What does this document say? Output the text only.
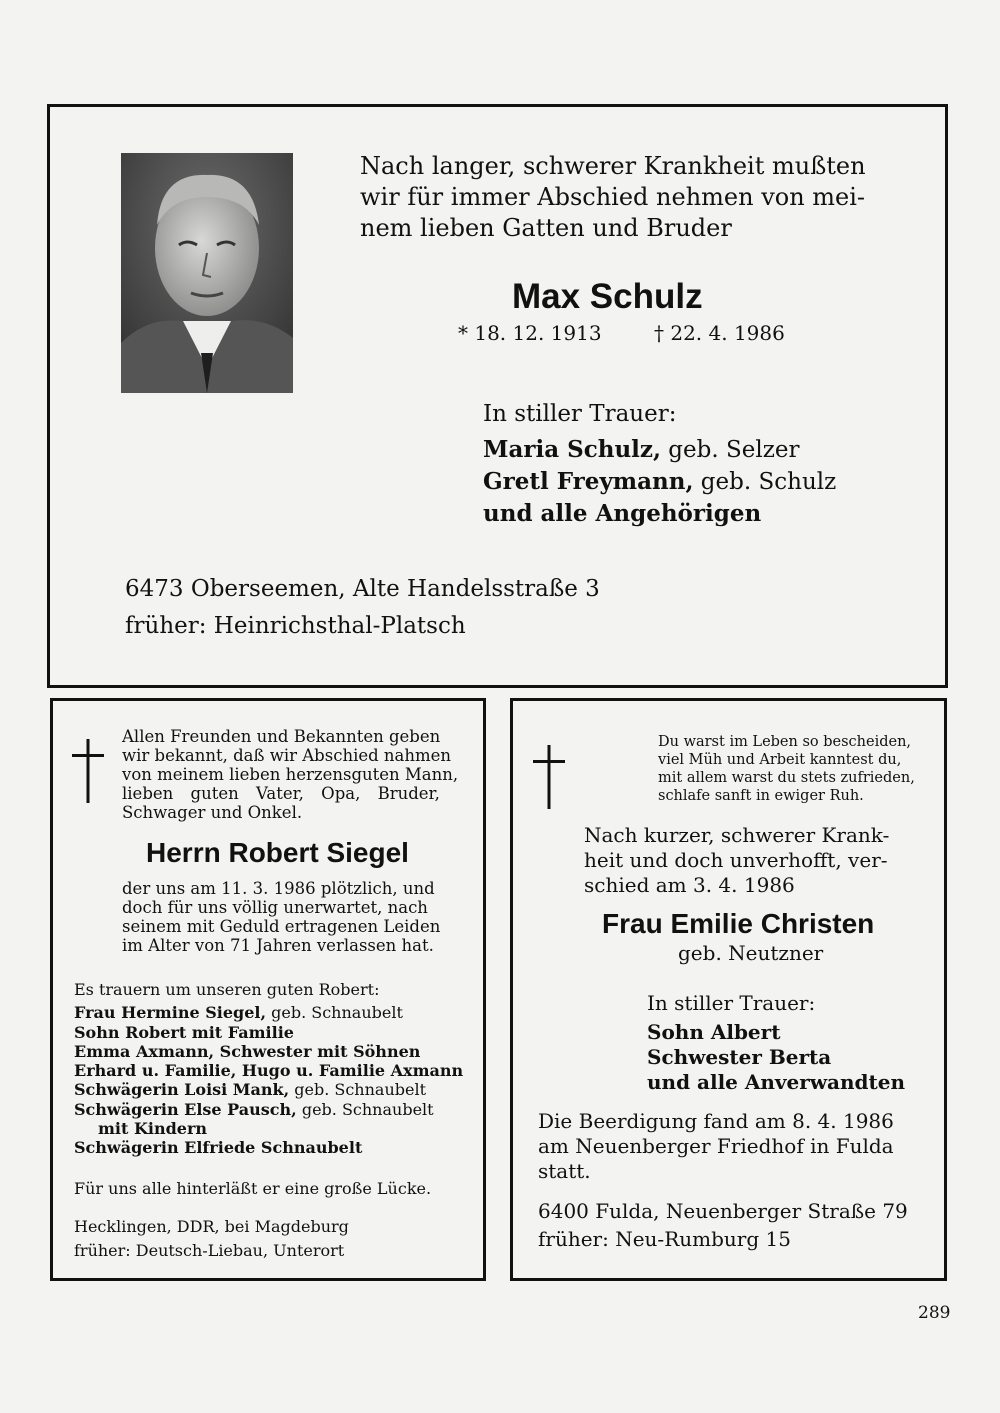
Nach langer, schwerer Krankheit mußten
wir für immer Abschied nehmen von mei-
nem lieben Gatten und Bruder
Max Schulz
* 18. 12. 1913	† 22. 4. 1986
In stiller Trauer:
Maria Schulz, geb. Selzer
Gretl Freymann, geb. Schulz
und alle Angehörigen
6473 Oberseemen, Alte Handelsstraße 3
früher: Heinrichsthal-Platsch
Allen Freunden und Bekannten geben
wir bekannt, daß wir Abschied nahmen
von meinem lieben herzensguten Mann,
lieben guten Vater, Opa, Bruder,
Schwager und Onkel.
Herrn Robert Siegel
der uns am 11. 3. 1986 plötzlich, und
doch für uns völlig unerwartet, nach
seinem mit Geduld ertragenen Leiden
im Alter von 71 Jahren verlassen hat.
Es trauern um unseren guten Robert:
Frau Hermine Siegel, geb. Schnaubelt
Sohn Robert mit Familie
Emma Axmann, Schwester mit Söhnen
Erhard u. Familie, Hugo u. Familie Axmann
Schwägerin Loisi Mank, geb. Schnaubelt
Schwägerin Else Pausch, geb. Schnaubelt
mit Kindern
Schwägerin Elfriede Schnaubelt
Für uns alle hinterläßt er eine große Lücke.
Hecklingen, DDR, bei Magdeburg
früher: Deutsch-Liebau, Unterort
Du warst im Leben so bescheiden,
viel Müh und Arbeit kanntest du,
mit allem warst du stets zufrieden,
schlafe sanft in ewiger Ruh.
Nach kurzer, schwerer Krank-
heit und doch unverhofft, ver-
schied am 3. 4. 1986
Frau Emilie Christen
geb. Neutzner
In stiller Trauer:
Sohn Albert
Schwester Berta
und alle Anverwandten
Die Beerdigung fand am 8. 4. 1986
am Neuenberger Friedhof in Fulda
statt.
6400 Fulda, Neuenberger Straße 79
früher: Neu-Rumburg 15
289
